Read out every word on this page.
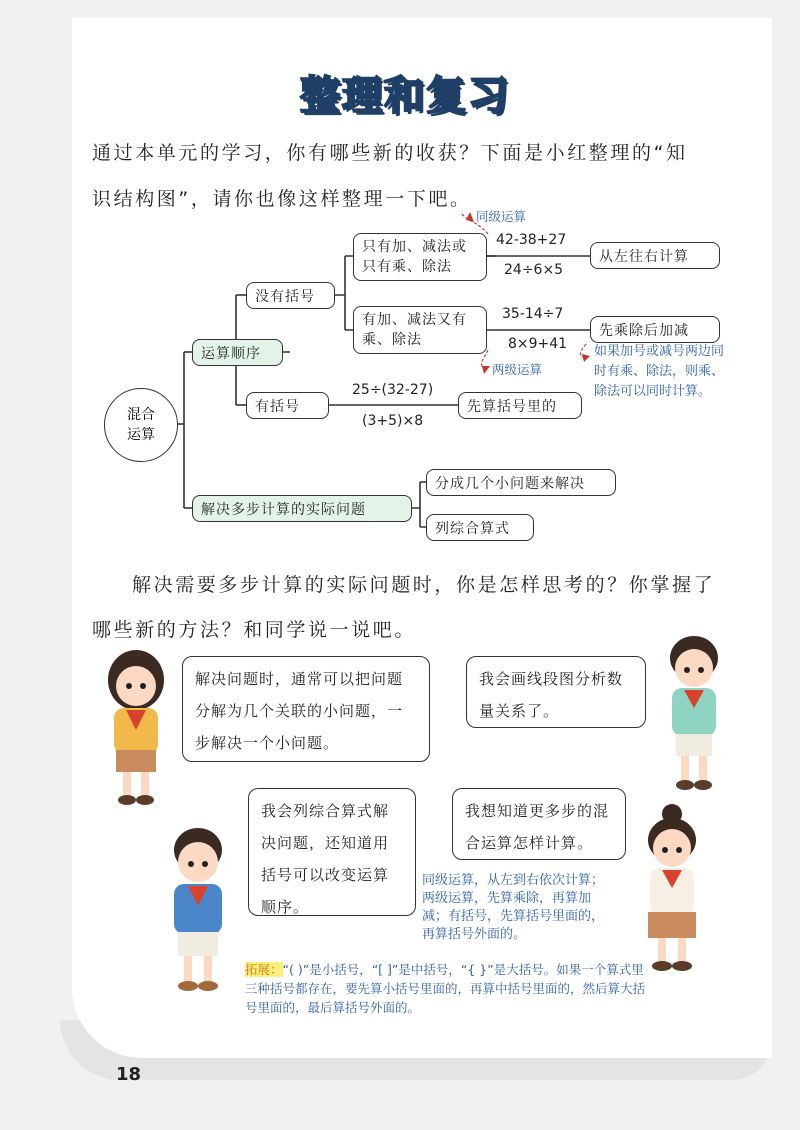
整理和复习
通过本单元的学习，你有哪些新的收获？下面是小红整理的“知
识结构图”，请你也像这样整理一下吧。
混合
运算
运算顺序
没有括号
只有加、减法或只有乘、除法
同级运算
42-38+27
24÷6×5
从左往右计算
有加、减法又有乘、除法
35-14÷7
8×9+41
两级运算
先乘除后加减
如果加号或减号两边同时有乘、除法，则乘、除法可以同时计算。
有括号
25÷(32-27)
(3+5)×8
先算括号里的
解决多步计算的实际问题
分成几个小问题来解决
列综合算式
解决需要多步计算的实际问题时，你是怎样思考的？你掌握了
哪些新的方法？和同学说一说吧。
解决问题时，通常可以把问题分解为几个关联的小问题，一步解决一个小问题。
我会画线段图分析数量关系了。
我会列综合算式解决问题，还知道用括号可以改变运算顺序。
我想知道更多步的混合运算怎样计算。
同级运算，从左到右依次计算；两级运算，先算乘除，再算加减；有括号，先算括号里面的，再算括号外面的。
拓展：“( )”是小括号，“[ ]”是中括号，“{ }”是大括号。如果一个算式里三种括号都存在，要先算小括号里面的，再算中括号里面的，然后算大括号里面的，最后算括号外面的。
18
